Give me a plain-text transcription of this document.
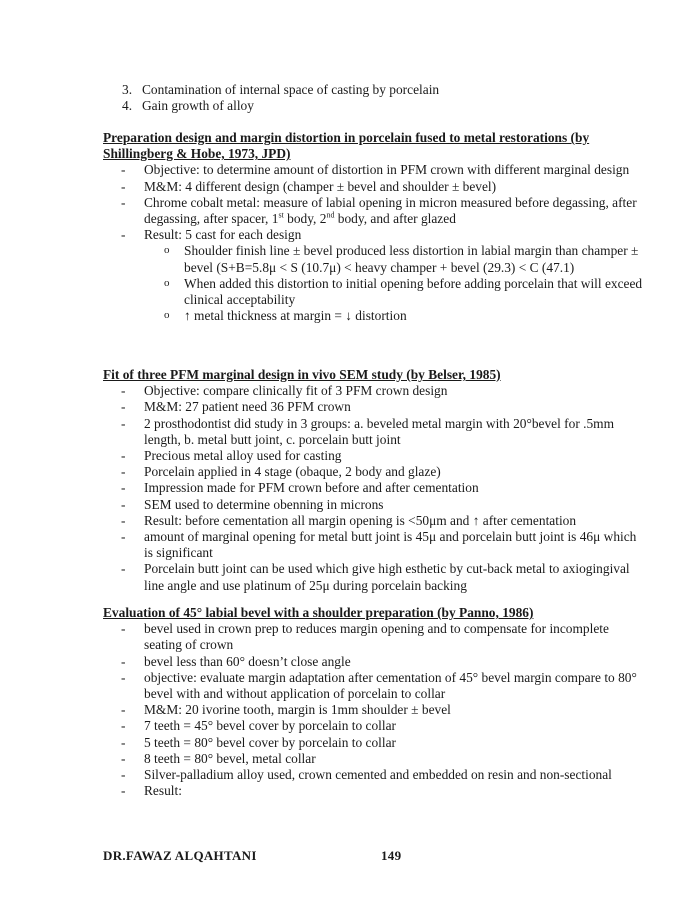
3. Contamination of internal space of casting by porcelain
4. Gain growth of alloy

Preparation design and margin distortion in porcelain fused to metal restorations (by Shillingberg & Hobe, 1973, JPD)

- Objective: to determine amount of distortion in PFM crown with different marginal design
- M&M: 4 different design (champer ± bevel and shoulder ± bevel)
- Chrome cobalt metal: measure of labial opening in micron measured before degassing, after degassing, after spacer, 1st body, 2nd body, and after glazed
- Result: 5 cast for each design
o Shoulder finish line ± bevel produced less distortion in labial margin than champer ± bevel (S+B=5.8μ < S (10.7μ) < heavy champer + bevel (29.3) < C (47.1)
o When added this distortion to initial opening before adding porcelain that will exceed clinical acceptability
o ↑ metal thickness at margin = ↓ distortion

Fit of three PFM marginal design in vivo SEM study (by Belser, 1985)

- Objective: compare clinically fit of 3 PFM crown design
- M&M: 27 patient need 36 PFM crown
- 2 prosthodontist did study in 3 groups: a. beveled metal margin with 20°bevel for .5mm length, b. metal butt joint, c. porcelain butt joint
- Precious metal alloy used for casting
- Porcelain applied in 4 stage (obaque, 2 body and glaze)
- Impression made for PFM crown before and after cementation
- SEM used to determine obenning in microns
- Result: before cementation all margin opening is <50μm and ↑ after cementation
- amount of marginal opening for metal butt joint is 45μ and porcelain butt joint is 46μ which is significant
- Porcelain butt joint can be used which give high esthetic by cut-back metal to axiogingival line angle and use platinum of 25μ during porcelain backing

Evaluation of 45° labial bevel with a shoulder preparation (by Panno, 1986)

- bevel used in crown prep to reduces margin opening and to compensate for incomplete seating of crown
- bevel less than 60° doesn’t close angle
- objective: evaluate margin adaptation after cementation of 45° bevel margin compare to 80° bevel with and without application of porcelain to collar
- M&M: 20 ivorine tooth, margin is 1mm shoulder ± bevel
- 7 teeth = 45° bevel cover by porcelain to collar
- 5 teeth = 80° bevel cover by porcelain to collar
- 8 teeth = 80° bevel, metal collar
- Silver-palladium alloy used, crown cemented and embedded on resin and non-sectional
- Result:
DR.FAWAZ ALQAHTANI	149
